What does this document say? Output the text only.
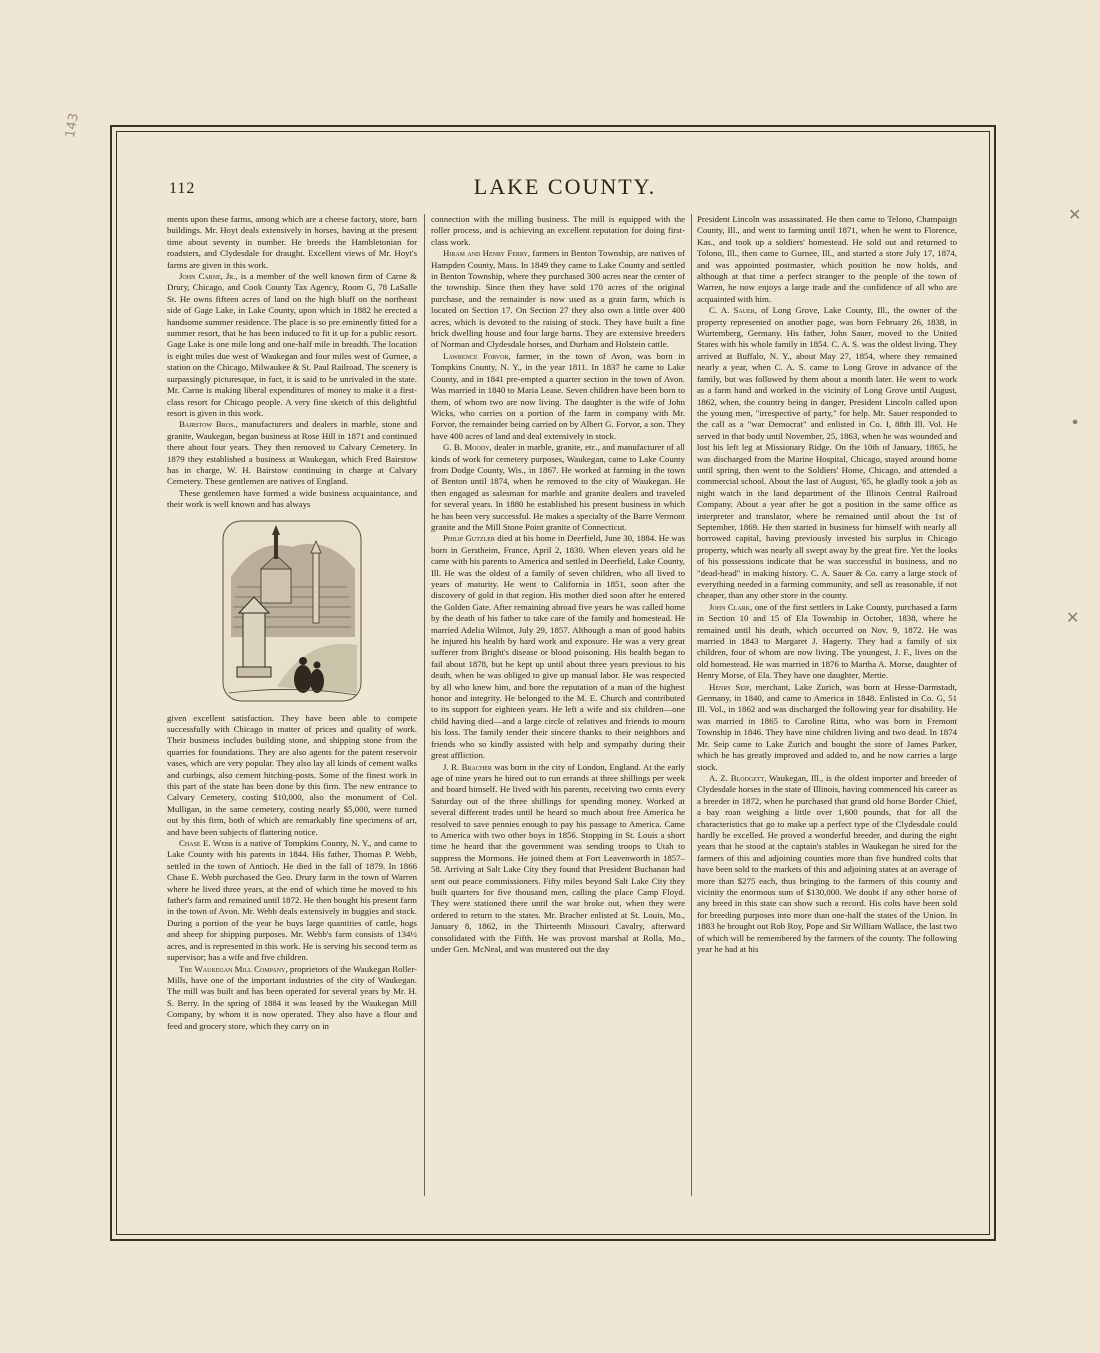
143
✕
∙
✕
112	LAKE COUNTY.

ments upon these farms, among which are a cheese factory, store, barn buildings. Mr. Hoyt deals extensively in horses, having at the present time about seventy in number. He breeds the Hambletonian for roadsters, and Clydesdale for draught. Excellent views of Mr. Hoyt's farms are given in this work.

John Carne, Jr., is a member of the well known firm of Carne & Drury, Chicago, and Cook County Tax Agency, Room G, 78 LaSalle St. He owns fifteen acres of land on the high bluff on the northeast side of Gage Lake, in Lake County, upon which in 1882 he erected a handsome summer residence. The place is so pre eminently fitted for a summer resort, that he has been induced to fit it up for a public resort. Gage Lake is one mile long and one-half mile in breadth. The location is eight miles due west of Waukegan and four miles west of Gurnee, a station on the Chicago, Milwaukee & St. Paul Railroad. The scenery is surpassingly picturesque, in fact, it is said to be unrivaled in the state. Mr. Carne is making liberal expenditures of money to make it a first-class resort for Chicago people. A very fine sketch of this delightful resort is given in this work.

Bairstow Bros., manufacturers and dealers in marble, stone and granite, Waukegan, began business at Rose Hill in 1871 and continued there about four years. They then removed to Calvary Cemetery. In 1879 they established a business at Waukegan, which Fred Bairstow has in charge, W. H. Bairstow continuing in charge at Calvary Cemetery. These gentlemen are natives of England.

These gentlemen have formed a wide business acquaintance, and their work is well known and has always

given excellent satisfaction. They have been able to compete successfully with Chicago in matter of prices and quality of work. Their business includes building stone, and shipping stone from the quarries for foundations. They are also agents for the patent reservoir vases, which are very popular. They also lay all kinds of cement walks and curbings, also cement hitching-posts. Some of the finest work in this part of the state has been done by this firm. The new entrance to Calvary Cemetery, costing $10,000, also the monument of Col. Mulligan, in the same cemetery, costing nearly $5,000, were turned out by this firm, both of which are remarkably fine specimens of art, and have been subjects of flattering notice.

Chase E. Webb is a native of Tompkins County, N. Y., and came to Lake County with his parents in 1844. His father, Thomas P. Webb, settled in the town of Antioch. He died in the fall of 1879. In 1866 Chase E. Webb purchased the Geo. Drury farm in the town of Warren where he lived three years, at the end of which time he moved to his father's farm and remained until 1872. He then bought his present farm in the town of Avon. Mr. Webb deals extensively in buggies and stock. During a portion of the year he buys large quantities of cattle, hogs and sheep for shipping purposes. Mr. Webb's farm consists of 134½ acres, and is represented in this work. He is serving his second term as supervisor; has a wife and five children.

The Waukegan Mill Company, proprietors of the Waukegan Roller-Mills, have one of the important industries of the city of Waukegan. The mill was built and has been operated for several years by Mr. H. S. Berry. In the spring of 1884 it was leased by the Waukegan Mill Company, by whom it is now operated. They also have a flour and feed and grocery store, which they carry on in

connection with the milling business. The mill is equipped with the roller process, and is achieving an excellent reputation for doing first-class work.

Hiram and Henry Ferry, farmers in Benton Township, are natives of Hampden County, Mass. In 1849 they came to Lake County and settled in Benton Township, where they purchased 300 acres near the center of the township. Since then they have sold 170 acres of the original purchase, and the remainder is now used as a grain farm, which is located on Section 17. On Section 27 they also own a little over 400 acres, which is devoted to the raising of stock. They have built a fine brick dwelling house and four large barns. They are extensive breeders of Norman and Clydesdale horses, and Durham and Holstein cattle.

Lawrence Forvor, farmer, in the town of Avon, was born in Tompkins County, N. Y., in the year 1811. In 1837 he came to Lake County, and in 1841 pre-empted a quarter section in the town of Avon. Was married in 1840 to Maria Lease. Seven children have been born to them, of whom two are now living. The daughter is the wife of John Wicks, who carries on a portion of the farm in company with Mr. Forvor, the remainder being carried on by Albert G. Forvor, a son. They have 400 acres of land and deal extensively in stock.

G. B. Moody, dealer in marble, granite, etc., and manufacturer of all kinds of work for cemetery purposes, Waukegan, came to Lake County from Dodge County, Wis., in 1867. He worked at farming in the town of Benton until 1874, when he removed to the city of Waukegan. He then engaged as salesman for marble and granite dealers and traveled for several years. In 1880 he established his present business in which he has been very successful. He makes a specialty of the Barre Vermont granite and the Mill Stone Point granite of Connecticut.

Philip Gutzler died at his home in Deerfield, June 30, 1884. He was born in Gerstheim, France, April 2, 1830. When eleven years old he came with his parents to America and settled in Deerfield, Lake County, Ill. He was the oldest of a family of seven children, who all lived to years of maturity. He went to California in 1851, soon after the discovery of gold in that region. His mother died soon after he entered the Golden Gate. After remaining abroad five years he was called home by the death of his father to take care of the family and homestead. He married Adelia Wilmot, July 29, 1857. Although a man of good habits he injured his health by hard work and exposure. He was a very great sufferer from Bright's disease or blood poisoning. His health began to fail about 1878, but he kept up until about three years previous to his death, when he was obliged to give up manual labor. He was respected by all who knew him, and bore the reputation of a man of the highest honor and integrity. He belonged to the M. E. Church and contributed to its support for eighteen years. He left a wife and six children—one child having died—and a large circle of relatives and friends to mourn his loss. The family tender their sincere thanks to their neighbors and friends who so kindly assisted with help and sympathy during their great affliction.

J. R. Bracher was born in the city of London, England. At the early age of nine years he hired out to run errands at three shillings per week and board himself. He lived with his parents, receiving two cents every Saturday out of the three shillings for spending money. Worked at several different trades until he heard so much about free America he resolved to save pennies enough to pay his passage to America. Came to America with two other boys in 1856. Stopping in St. Louis a short time he heard that the government was sending troops to Utah to suppress the Mormons. He joined them at Fort Leavenworth in 1857–58. Arriving at Salt Lake City they found that President Buchanan had sent out peace commissioners. Fifty miles beyond Salt Lake City they built quarters for five thousand men, calling the place Camp Floyd. They were stationed there until the war broke out, when they were ordered to return to the states. Mr. Bracher enlisted at St. Louis, Mo., January 8, 1862, in the Thirteenth Missouri Cavalry, afterward consolidated with the Fifth. He was provost marshal at Rolla, Mo., under Gen. McNeal, and was mustered out the day

President Lincoln was assassinated. He then came to Telono, Champaign County, Ill., and went to farming until 1871, when he went to Florence, Kas., and took up a soldiers' homestead. He sold out and returned to Tolono, Ill., then came to Gurnee, Ill., and started a store July 17, 1874, and was appointed postmaster, which position he now holds, and although at that time a perfect stranger to the people of the town of Warren, he now enjoys a large trade and the confidence of all who are acquainted with him.

C. A. Sauer, of Long Grove, Lake County, Ill., the owner of the property represented on another page, was born February 26, 1838, in Wurtemberg, Germany. His father, John Sauer, moved to the United States with his whole family in 1854. C. A. S. was the oldest living. They arrived at Buffalo, N. Y., about May 27, 1854, where they remained nearly a year, when C. A. S. came to Long Grove in advance of the family, but was followed by them about a month later. He went to work as a farm hand and worked in the vicinity of Long Grove until August, 1862, when, the country being in danger, President Lincoln called upon the young men, "irrespective of party," for help. Mr. Sauer responded to the call as a "war Democrat" and enlisted in Co. I, 88th Ill. Vol. He served in that body until November, 25, 1863, when he was wounded and lost his left leg at Missionary Ridge. On the 10th of January, 1865, he was discharged from the Marine Hospital, Chicago, stayed around home until spring, then went to the Soldiers' Home, Chicago, and attended a commercial school. About the last of August, '65, he gladly took a job as night watch in the land department of the Illinois Central Railroad Company. About a year after he got a position in the same office as interpreter and translator, where he remained until about the 1st of September, 1869. He then started in business for himself with nearly all borrowed capital, having previously invested his surplus in Chicago property, which was nearly all swept away by the great fire. Yet the looks of his possessions indicate that he was successful in business, and no "dead-head" in making history. C. A. Sauer & Co. carry a large stock of everything needed in a farming community, and sell as reasonable, if not cheaper, than any other store in the county.

John Clark, one of the first settlers in Lake County, purchased a farm in Section 10 and 15 of Ela Township in October, 1838, where he remained until his death, which occurred on Nov. 9, 1872. He was married in 1843 to Margaret J. Hagerty. They had a family of six children, four of whom are now living. The youngest, J. F., lives on the old homestead. He was married in 1876 to Martha A. Morse, daughter of Henry Morse, of Ela. They have one daughter, Mertie.

Henry Seip, merchant, Lake Zurich, was born at Hesse-Darmstadt, Germany, in 1840, and came to America in 1848. Enlisted in Co. G, 51 Ill. Vol., in 1862 and was discharged the following year for disability. He was married in 1865 to Caroline Ritta, who was born in Fremont Township in 1846. They have nine children living and two dead. In 1874 Mr. Seip came to Lake Zurich and bought the store of James Parker, which he has greatly improved and added to, and he now carries a large stock.

A. Z. Blodgett, Waukegan, Ill., is the oldest importer and breeder of Clydesdale horses in the state of Illinois, having commenced his career as a breeder in 1872, when he purchased that grand old horse Border Chief, a bay roan weighing a little over 1,600 pounds, that for all the characteristics that go to make up a perfect type of the Clydesdale could hardly be excelled. He proved a wonderful breeder, and during the eight years that he stood at the captain's stables in Waukegan he sired for the farmers of this and adjoining counties more than five hundred colts that have been sold to the markets of this and adjoining states at an average of more than $275 each, thus bringing to the farmers of this county and vicinity the enormous sum of $130,000. We doubt if any other horse of any breed in this state can show such a record. His colts have been sold for breeding purposes into more than one-half the states of the Union. In 1883 he brought out Rob Roy, Pope and Sir William Wallace, the last two of which will be remembered by the farmers of the county. The following year he had at his
